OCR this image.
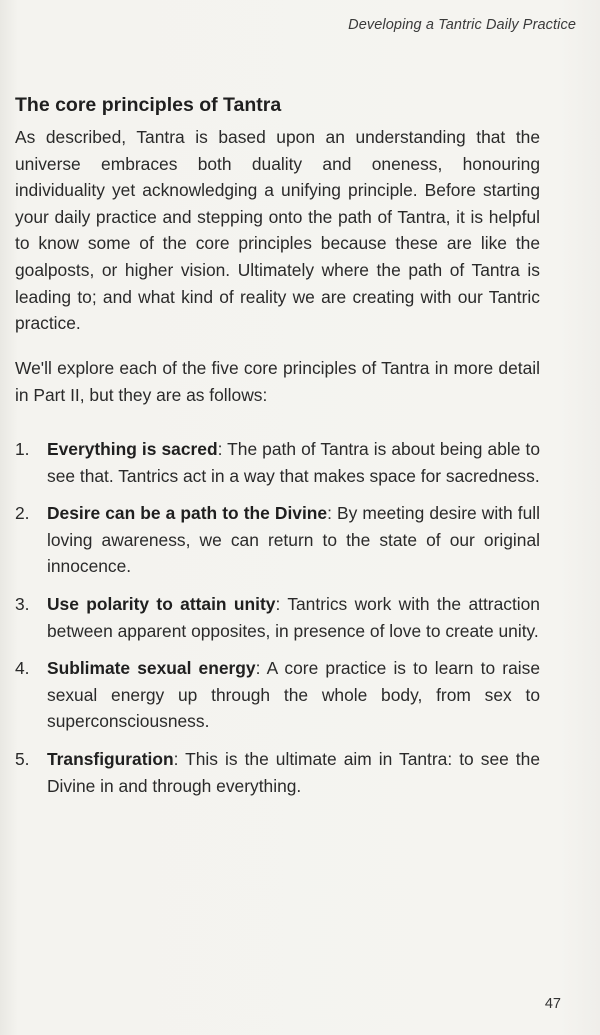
Developing a Tantric Daily Practice
The core principles of Tantra

As described, Tantra is based upon an understanding that the universe embraces both duality and oneness, honouring individuality yet acknowledging a unifying principle. Before starting your daily practice and stepping onto the path of Tantra, it is helpful to know some of the core principles because these are like the goalposts, or higher vision. Ultimately where the path of Tantra is leading to; and what kind of reality we are creating with our Tantric practice.

We'll explore each of the five core principles of Tantra in more detail in Part II, but they are as follows:

1. Everything is sacred: The path of Tantra is about being able to see that. Tantrics act in a way that makes space for sacredness.
2. Desire can be a path to the Divine: By meeting desire with full loving awareness, we can return to the state of our original innocence.
3. Use polarity to attain unity: Tantrics work with the attraction between apparent opposites, in presence of love to create unity.
4. Sublimate sexual energy: A core practice is to learn to raise sexual energy up through the whole body, from sex to superconsciousness.
5. Transfiguration: This is the ultimate aim in Tantra: to see the Divine in and through everything.
47
